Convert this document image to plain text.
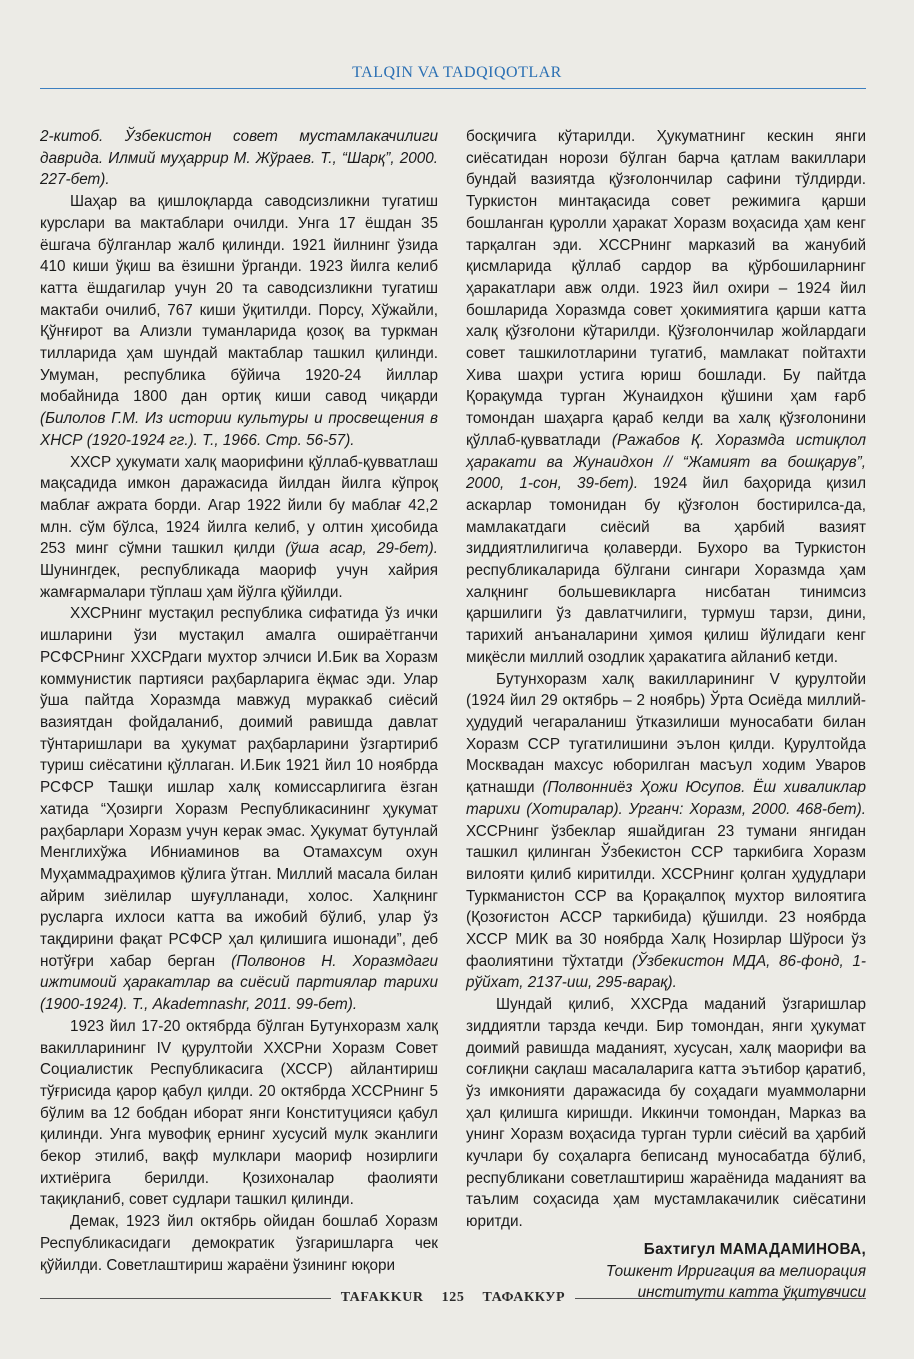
TALQIN VA TADQIQOTLAR

2-китоб. Ўзбекистон совет мустамлакачилиги даврида. Илмий муҳаррир М. Жўраев. Т., “Шарқ”, 2000. 227-бет).

Шаҳар ва қишлоқларда саводсизликни тугатиш курслари ва мактаблари очилди. Унга 17 ёшдан 35 ёшгача бўлганлар жалб қилинди. 1921 йилнинг ўзида 410 киши ўқиш ва ёзишни ўрганди. 1923 йилга келиб катта ёшдагилар учун 20 та саводсизликни тугатиш мактаби очилиб, 767 киши ўқитилди. Порсу, Хўжайли, Қўнғирот ва Ализли туманларида қозоқ ва туркман тилларида ҳам шундай мактаблар ташкил қилинди. Умуман, республика бўйича 1920-24 йиллар мобайнида 1800 дан ортиқ киши савод чиқарди (Билолов Г.М. Из истории культуры и просвещения в ХНСР (1920-1924 гг.). Т., 1966. Стр. 56-57).

ХХСР ҳукумати халқ маорифини қўллаб-қувватлаш мақсадида имкон даражасида йилдан йилга кўпроқ маблағ ажрата борди. Агар 1922 йили бу маблағ 42,2 млн. сўм бўлса, 1924 йилга келиб, у олтин ҳисобида 253 минг сўмни ташкил қилди (ўша асар, 29-бет). Шунингдек, республикада маориф учун хайрия жамғармалари тўплаш ҳам йўлга қўйилди.

ХХСРнинг мустақил республика сифатида ўз ички ишларини ўзи мустақил амалга ошираётганчи РСФСРнинг ХХСРдаги мухтор элчиси И.Бик ва Хоразм коммунистик партияси раҳбарларига ёқмас эди. Улар ўша пайтда Хоразмда мавжуд мураккаб сиёсий вазиятдан фойдаланиб, доимий равишда давлат тўнтаришлари ва ҳукумат раҳбарларини ўзгартириб туриш сиёсатини қўллаган. И.Бик 1921 йил 10 ноябрда РСФСР Ташқи ишлар халқ комиссарлигига ёзган хатида “Ҳозирги Хоразм Республикасининг ҳукумат раҳбарлари Хоразм учун керак эмас. Ҳукумат бутунлай Менглихўжа Ибниаминов ва Отамахсум охун Муҳаммадраҳимов қўлига ўтган. Миллий масала билан айрим зиёлилар шуғулланади, холос. Халқнинг русларга ихлоси катта ва ижобий бўлиб, улар ўз тақдирини фақат РСФСР ҳал қилишига ишонади”, деб нотўғри хабар берган (Полвонов Н. Хоразмдаги ижтимоий ҳаракатлар ва сиёсий партиялар тарихи (1900-1924). Т., Akademnashr, 2011. 99-бет).

1923 йил 17-20 октябрда бўлган Бутунхоразм халқ вакилларининг IV қурултойи ХХСРни Хоразм Совет Социалистик Республикасига (ХССР) айлантириш тўғрисида қарор қабул қилди. 20 октябрда ХССРнинг 5 бўлим ва 12 бобдан иборат янги Конституцияси қабул қилинди. Унга мувофиқ ернинг хусусий мулк эканлиги бекор этилиб, вақф мулклари маориф нозирлиги ихтиёрига берилди. Қозихоналар фаолияти тақиқланиб, совет судлари ташкил қилинди.

Демак, 1923 йил октябрь ойидан бошлаб Хоразм Республикасидаги демократик ўзгаришларга чек қўйилди. Советлаштириш жараёни ўзининг юқори

босқичига кўтарилди. Ҳукуматнинг кескин янги сиёсатидан норози бўлган барча қатлам вакиллари бундай вазиятда қўзғолончилар сафини тўлдирди. Туркистон минтақасида совет режимига қарши бошланган қуролли ҳаракат Хоразм воҳасида ҳам кенг тарқалган эди. ХССРнинг марказий ва жанубий қисмларида қўллаб сардор ва қўрбошиларнинг ҳаракатлари авж олди. 1923 йил охири – 1924 йил бошларида Хоразмда совет ҳокимиятига қарши катта халқ қўзғолони кўтарилди. Қўзғолончилар жойлардаги совет ташкилотларини тугатиб, мамлакат пойтахти Хива шаҳри устига юриш бошлади. Бу пайтда Қорақумда турган Жунаидхон қўшини ҳам ғарб томондан шаҳарга қараб келди ва халқ қўзғолонини қўллаб-қувватлади (Ражабов Қ. Хоразмда истиқлол ҳаракати ва Жунаидхон // “Жамият ва бошқарув”, 2000, 1-сон, 39-бет). 1924 йил баҳорида қизил аскарлар томонидан бу қўзғолон бостирилса-да, мамлакатдаги сиёсий ва ҳарбий вазият зиддиятлилигича қолаверди. Бухоро ва Туркистон республикаларида бўлгани сингари Хоразмда ҳам халқнинг большевикларга нисбатан тинимсиз қаршилиги ўз давлатчилиги, турмуш тарзи, дини, тарихий анъаналарини ҳимоя қилиш йўлидаги кенг миқёсли миллий озодлик ҳаракатига айланиб кетди.

Бутунхоразм халқ вакилларининг V қурултойи (1924 йил 29 октябрь – 2 ноябрь) Ўрта Осиёда миллий-ҳудудий чегараланиш ўтказилиши муносабати билан Хоразм ССР тугатилишини эълон қилди. Қурултойда Москвадан махсус юборилган масъул ходим Уваров қатнашди (Полвонниёз Ҳожи Юсупов. Ёш хиваликлар тарихи (Хотиралар). Урганч: Хоразм, 2000. 468-бет). ХССРнинг ўзбеклар яшайдиган 23 тумани янгидан ташкил қилинган Ўзбекистон ССР таркибига Хоразм вилояти қилиб киритилди. ХССРнинг қолган ҳудудлари Туркманистон ССР ва Қорақалпоқ мухтор вилоятига (Қозоғистон АССР таркибида) қўшилди. 23 ноябрда ХССР МИК ва 30 ноябрда Халқ Нозирлар Шўроси ўз фаолиятини тўхтатди (Ўзбекистон МДА, 86-фонд, 1-рўйхат, 2137-иш, 295-варақ).

Шундай қилиб, ХХСРда маданий ўзгаришлар зиддиятли тарзда кечди. Бир томондан, янги ҳукумат доимий равишда маданият, хусусан, халқ маорифи ва соғлиқни сақлаш масалаларига катта эътибор қаратиб, ўз имконияти даражасида бу соҳадаги муаммоларни ҳал қилишга киришди. Иккинчи томондан, Марказ ва унинг Хоразм воҳасида турган турли сиёсий ва ҳарбий кучлари бу соҳаларга беписанд муносабатда бўлиб, республикани советлаштириш жараёнида маданият ва таълим соҳасида ҳам мустамлакачилик сиёсатини юритди.

Бахтигул МАМАДАМИНОВА,
Тошкент Ирригация ва мелиорация
институти катта ўқитувчиси
TAFAKKUR	125	ТАФАККУР
